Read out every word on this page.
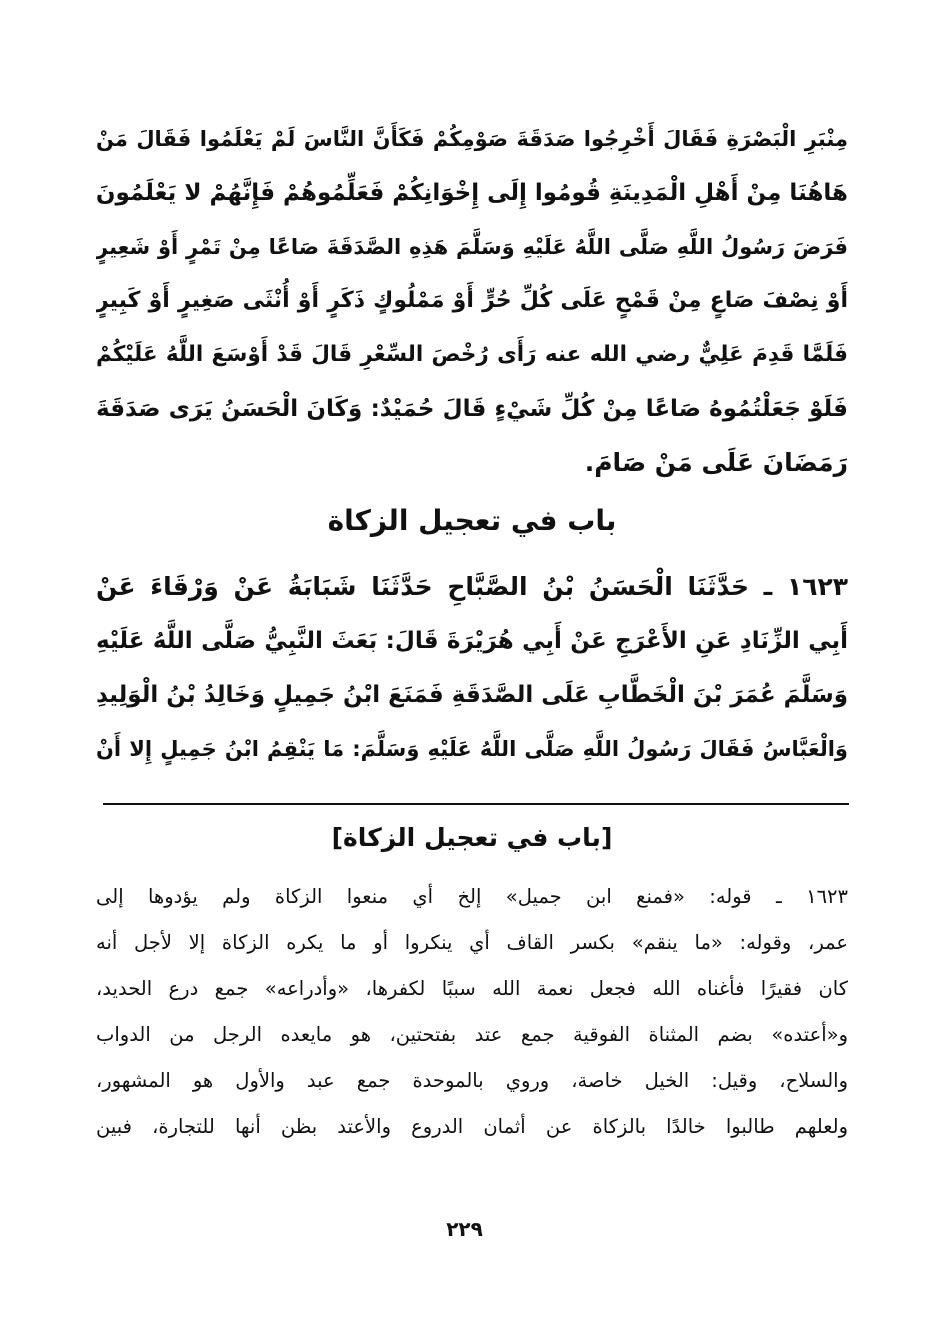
مِنْبَرِ الْبَصْرَةِ فَقَالَ أَخْرِجُوا صَدَقَةَ صَوْمِكُمْ فَكَأَنَّ النَّاسَ لَمْ يَعْلَمُوا فَقَالَ مَنْ
هَاهُنَا مِنْ أَهْلِ الْمَدِينَةِ قُومُوا إِلَى إِخْوَانِكُمْ فَعَلِّمُوهُمْ فَإِنَّهُمْ لا يَعْلَمُونَ
فَرَضَ رَسُولُ اللَّهِ صَلَّى اللَّهُ عَلَيْهِ وَسَلَّمَ هَذِهِ الصَّدَقَةَ صَاعًا مِنْ تَمْرٍ أَوْ شَعِيرٍ
أَوْ نِصْفَ صَاعٍ مِنْ قَمْحٍ عَلَى كُلِّ حُرٍّ أَوْ مَمْلُوكٍ ذَكَرٍ أَوْ أُنْثَى صَغِيرٍ أَوْ كَبِيرٍ
فَلَمَّا قَدِمَ عَلِيٌّ رضي الله عنه رَأَى رُخْصَ السِّعْرِ قَالَ قَدْ أَوْسَعَ اللَّهُ عَلَيْكُمْ
فَلَوْ جَعَلْتُمُوهُ صَاعًا مِنْ كُلِّ شَيْءٍ قَالَ حُمَيْدٌ: وَكَانَ الْحَسَنُ يَرَى صَدَقَةَ
رَمَضَانَ عَلَى مَنْ صَامَ.
باب في تعجيل الزكاة
١٦٢٣ ـ حَدَّثَنَا الْحَسَنُ بْنُ الصَّبَّاحِ حَدَّثَنَا شَبَابَةُ عَنْ وَرْقَاءَ عَنْ
أَبِي الزِّنَادِ عَنِ الأَعْرَجِ عَنْ أَبِي هُرَيْرَةَ قَالَ: بَعَثَ النَّبِيُّ صَلَّى اللَّهُ عَلَيْهِ
وَسَلَّمَ عُمَرَ بْنَ الْخَطَّابِ عَلَى الصَّدَقَةِ فَمَنَعَ ابْنُ جَمِيلٍ وَخَالِدُ بْنُ الْوَلِيدِ
وَالْعَبَّاسُ فَقَالَ رَسُولُ اللَّهِ صَلَّى اللَّهُ عَلَيْهِ وَسَلَّمَ: مَا يَنْقِمُ ابْنُ جَمِيلٍ إِلا أَنْ
[باب في تعجيل الزكاة]
١٦٢٣ ـ قوله: «فمنع ابن جميل» إلخ أي منعوا الزكاة ولم يؤدوها إلى
عمر، وقوله: «ما ينقم» بكسر القاف أي ينكروا أو ما يكره الزكاة إلا لأجل أنه
كان فقيرًا فأغناه الله فجعل نعمة الله سببًا لكفرها، «وأدراعه» جمع درع الحديد،
و«أعتده» بضم المثناة الفوقية جمع عتد بفتحتين، هو مايعده الرجل من الدواب
والسلاح، وقيل: الخيل خاصة، وروي بالموحدة جمع عبد والأول هو المشهور،
ولعلهم طالبوا خالدًا بالزكاة عن أثمان الدروع والأعتد بظن أنها للتجارة، فبين
٢٢٩
